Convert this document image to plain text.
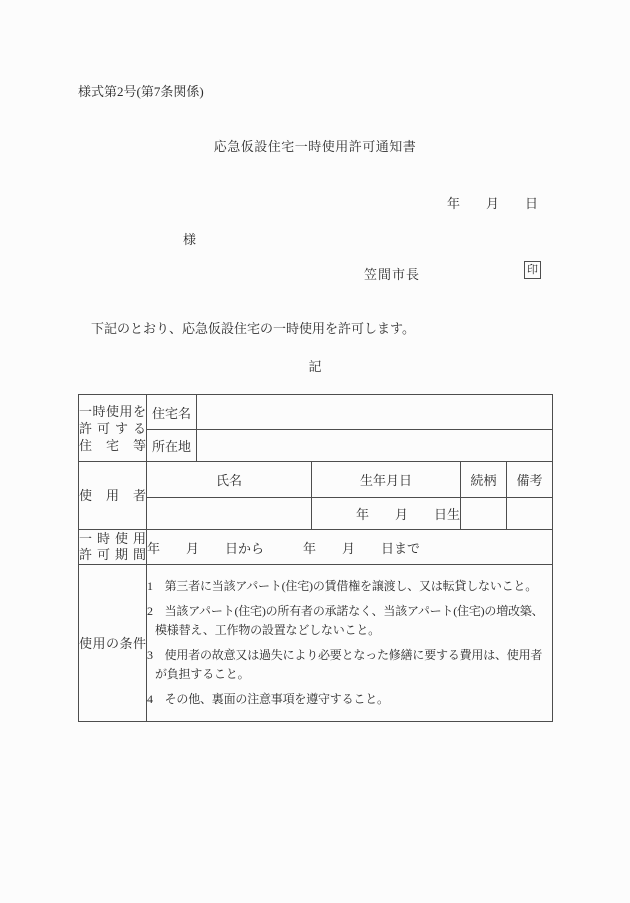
様式第2号(第7条関係)
応急仮設住宅一時使用許可通知書
年　　月　　日
様
笠間市長	印
下記のとおり、応急仮設住宅の一時使用を許可します。
記
一時使用を
許可する
住宅等	住宅名				
	所在地				

使用者	氏名		生年月日	続柄	備考
			年　　月　　日生		

一時使用
許可期間	年　　月　　日から　　　年　　月　　日まで				

使用の条件	1　第三者に当該アパート(住宅)の賃借権を譲渡し、又は転貸しないこと。
2　当該アパート(住宅)の所有者の承諾なく、当該アパート(住宅)の増改築、模様替え、工作物の設置などしないこと。
3　使用者の故意又は過失により必要となった修繕に要する費用は、使用者が負担すること。
4　その他、裏面の注意事項を遵守すること。				
